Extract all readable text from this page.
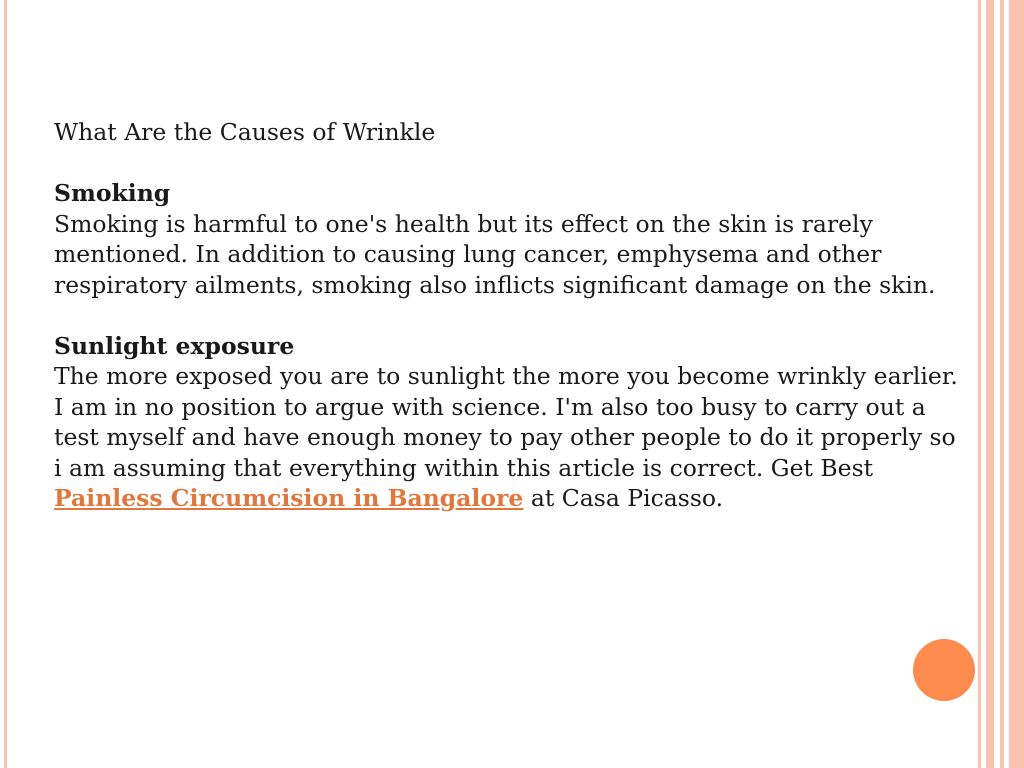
What Are the Causes of Wrinkle

Smoking

Smoking is harmful to one's health but its effect on the skin is rarely mentioned. In addition to causing lung cancer, emphysema and other respiratory ailments, smoking also inflicts significant damage on the skin.

Sunlight exposure

The more exposed you are to sunlight the more you become wrinkly earlier. I am in no position to argue with science. I'm also too busy to carry out a test myself and have enough money to pay other people to do it properly so i am assuming that everything within this article is correct. Get Best Painless Circumcision in Bangalore at Casa Picasso.
